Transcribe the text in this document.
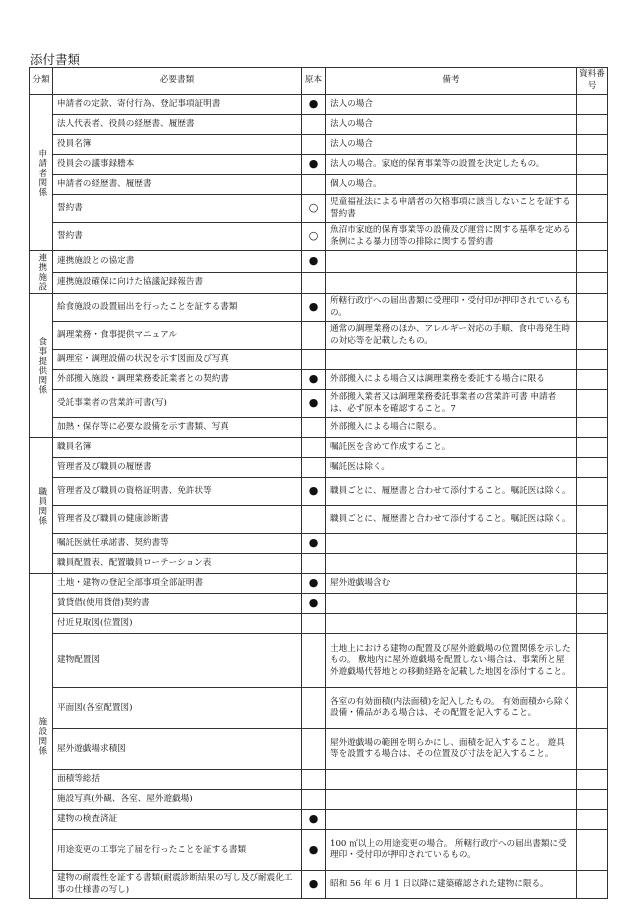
添付書類
分類	必要書類	原本	備考	資料番号
申請者関係	申請者の定款、寄付行為、登記事項証明書	●	法人の場合	
	法人代表者、役員の経歴書、履歴書		法人の場合	
	役員名簿		法人の場合	
	役員会の議事録謄本	●	法人の場合。家庭的保育事業等の設置を決定したもの。	
	申請者の経歴書、履歴書		個人の場合。	
	誓約書	○	児童福祉法による申請者の欠格事項に該当しないことを証する誓約書	
	誓約書	○	魚沼市家庭的保育事業等の設備及び運営に関する基準を定める条例による暴力団等の排除に関する誓約書	
連携施設	連携施設との協定書	●		
	連携施設確保に向けた協議記録報告書			
食事提供関係	給食施設の設置届出を行ったことを証する書類	●	所轄行政庁への届出書類に受理印・受付印が押印されているもの。	
	調理業務・食事提供マニュアル		通常の調理業務のほか、アレルギー対応の手順、食中毒発生時の対応等を記載したもの。	
	調理室・調理設備の状況を示す図面及び写真			
	外部搬入施設・調理業務委託業者との契約書	●	外部搬入による場合又は調理業務を委託する場合に限る	
	受託事業者の営業許可書(写)	●	外部搬入業者又は調理業務委託事業者の営業許可書 申請者は、必ず原本を確認すること。7	
	加熱・保存等に必要な設備を示す書類、写真		外部搬入による場合に限る。	
職員関係	職員名簿		嘱託医を含めて作成すること。	
	管理者及び職員の履歴書		嘱託医は除く。	
	管理者及び職員の資格証明書、免許状等	●	職員ごとに、履歴書と合わせて添付すること。嘱託医は除く。	
	管理者及び職員の健康診断書		職員ごとに、履歴書と合わせて添付すること。嘱託医は除く。	
	嘱託医就任承諾書、契約書等	●		
	職員配置表、配置職員ローテーション表			
施設関係	土地・建物の登記全部事項全部証明書	●	屋外遊戯場含む	
	賃貸借(使用貸借)契約書	●		
	付近見取図(位置図)			
	建物配置図		土地上における建物の配置及び屋外遊戯場の位置関係を示したもの。 敷地内に屋外遊戯場を配置しない場合は、事業所と屋外遊戯場代替地との移動経路を記載した地図を添付すること。	
	平面図(各室配置図)		各室の有効面積(内法面積)を記入したもの。 有効面積から除く設備・備品がある場合は、その配置を記入すること。	
	屋外遊戯場求積図		屋外遊戯場の範囲を明らかにし、面積を記入すること。 遊具等を設置する場合は、その位置及び寸法を記入すること。	
	面積等総括			
	施設写真(外観、各室、屋外遊戯場)			
	建物の検査済証	●		
	用途変更の工事完了届を行ったことを証する書類	●	100 ㎡以上の用途変更の場合。 所轄行政庁への届出書類に受理印・受付印が押印されているもの。	
	建物の耐震性を証する書類(耐震診断結果の写し及び耐震化工事の仕様書の写し)	●	昭和 56 年 6 月 1 日以降に建築確認された建物に限る。	
